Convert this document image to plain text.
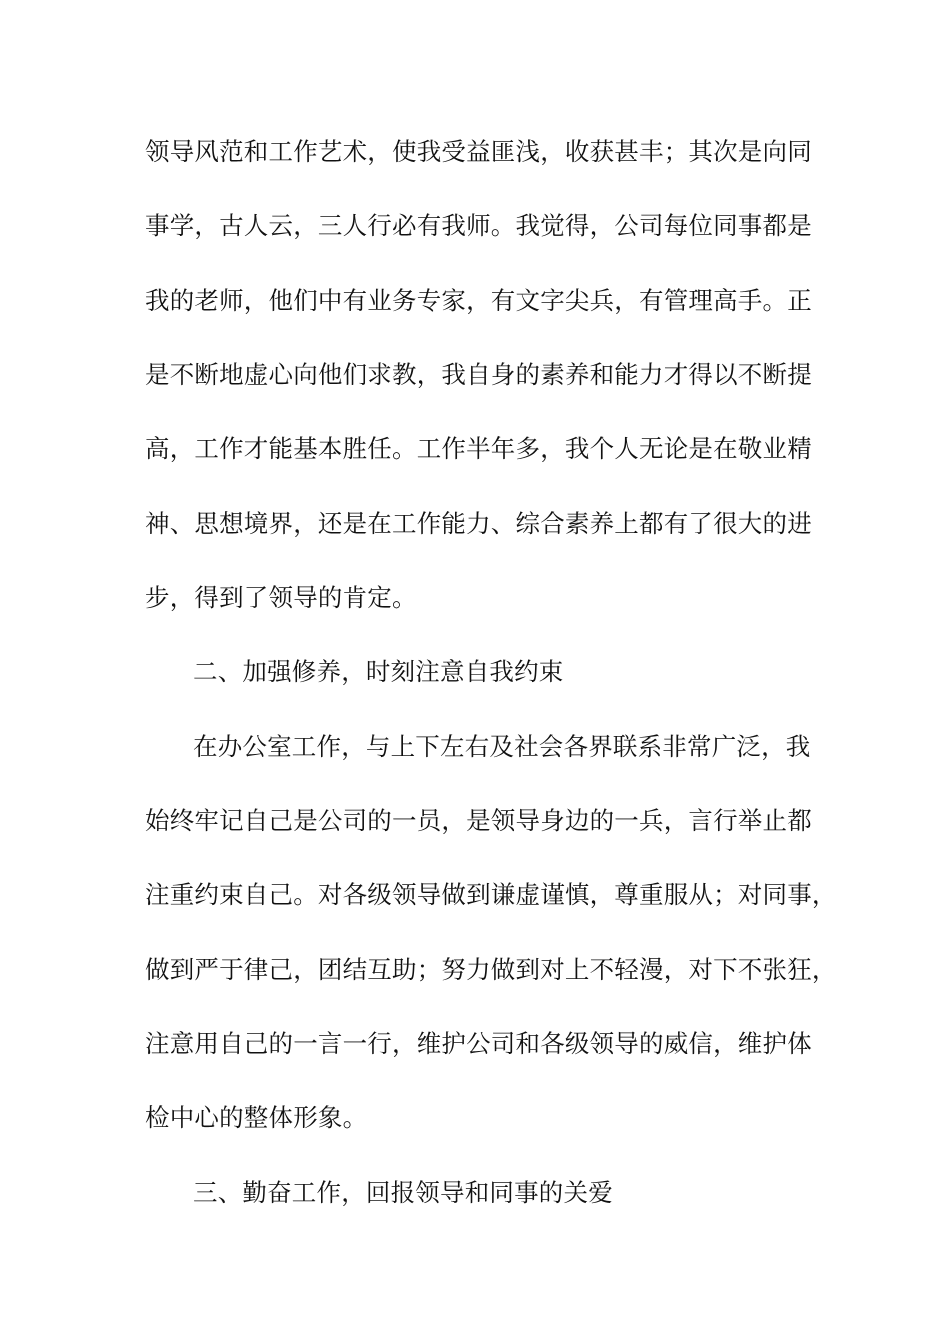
领导风范和工作艺术，使我受益匪浅，收获甚丰；其次是向同
事学，古人云，三人行必有我师。我觉得，公司每位同事都是
我的老师，他们中有业务专家，有文字尖兵，有管理高手。正
是不断地虚心向他们求教，我自身的素养和能力才得以不断提
高，工作才能基本胜任。工作半年多，我个人无论是在敬业精
神、思想境界，还是在工作能力、综合素养上都有了很大的进
步，得到了领导的肯定。
二、加强修养，时刻注意自我约束
在办公室工作，与上下左右及社会各界联系非常广泛，我
始终牢记自己是公司的一员，是领导身边的一兵，言行举止都
注重约束自己。对各级领导做到谦虚谨慎，尊重服从；对同事，
做到严于律己，团结互助；努力做到对上不轻漫，对下不张狂，
注意用自己的一言一行，维护公司和各级领导的威信，维护体
检中心的整体形象。
三、勤奋工作，回报领导和同事的关爱
